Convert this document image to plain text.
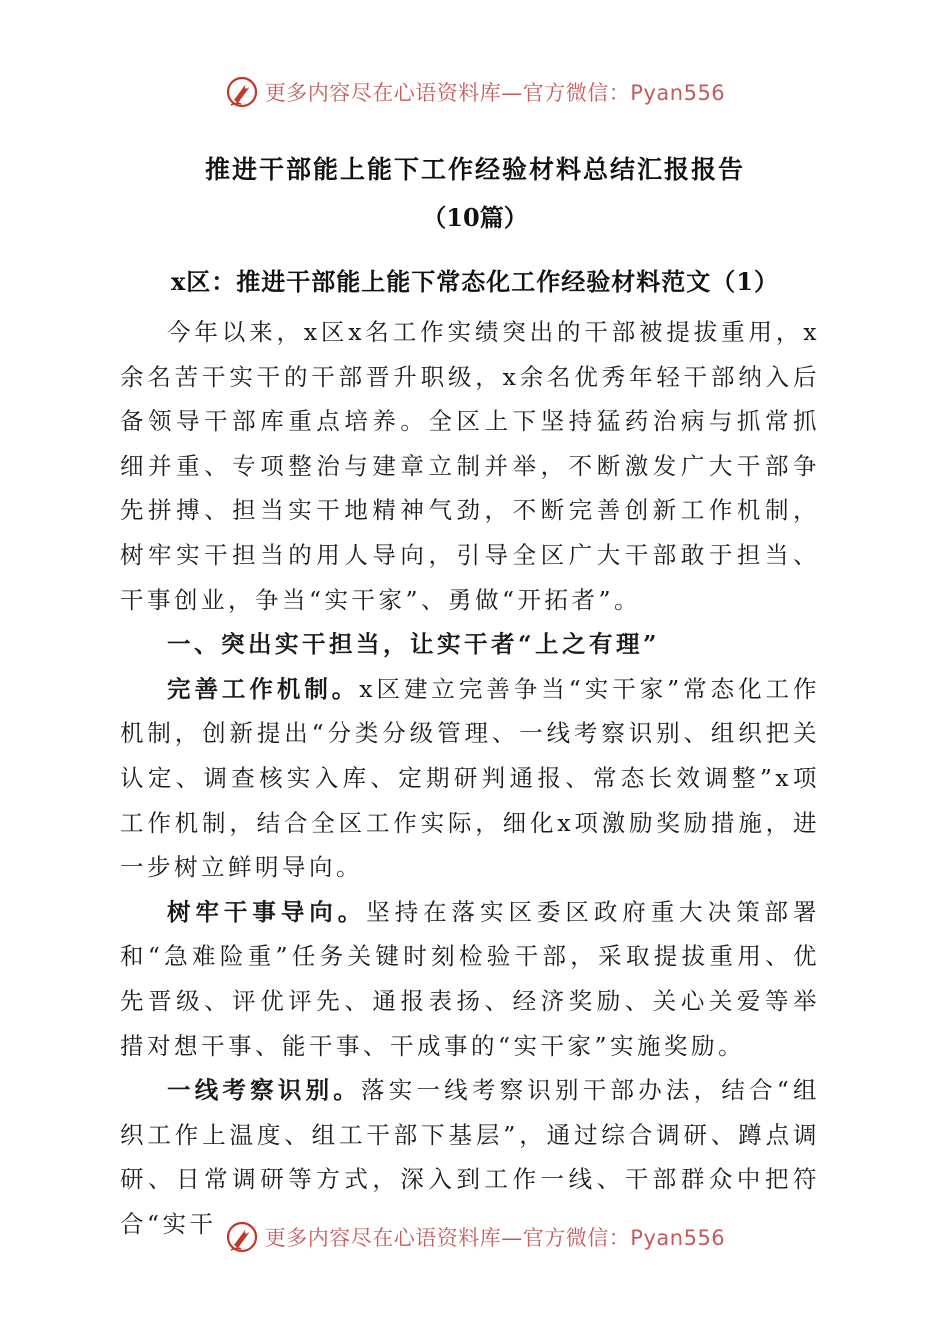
更多内容尽在心语资料库—官方微信：Pyan556
推进干部能上能下工作经验材料总结汇报报告
（10篇）
x区：推进干部能上能下常态化工作经验材料范文（1）

今年以来，x区x名工作实绩突出的干部被提拔重用，x余名苦干实干的干部晋升职级，x余名优秀年轻干部纳入后备领导干部库重点培养。全区上下坚持猛药治病与抓常抓细并重、专项整治与建章立制并举，不断激发广大干部争先拼搏、担当实干地精神气劲，不断完善创新工作机制，树牢实干担当的用人导向，引导全区广大干部敢于担当、干事创业，争当“实干家”、勇做“开拓者”。

一、突出实干担当，让实干者“上之有理”

完善工作机制。x区建立完善争当“实干家”常态化工作机制，创新提出“分类分级管理、一线考察识别、组织把关认定、调查核实入库、定期研判通报、常态长效调整”x项工作机制，结合全区工作实际，细化x项激励奖励措施，进一步树立鲜明导向。

树牢干事导向。坚持在落实区委区政府重大决策部署和“急难险重”任务关键时刻检验干部，采取提拔重用、优先晋级、评优评先、通报表扬、经济奖励、关心关爱等举措对想干事、能干事、干成事的“实干家”实施奖励。

一线考察识别。落实一线考察识别干部办法，结合“组织工作上温度、组工干部下基层”，通过综合调研、蹲点调研、日常调研等方式，深入到工作一线、干部群众中把符合“实干

更多内容尽在心语资料库—官方微信：Pyan556
